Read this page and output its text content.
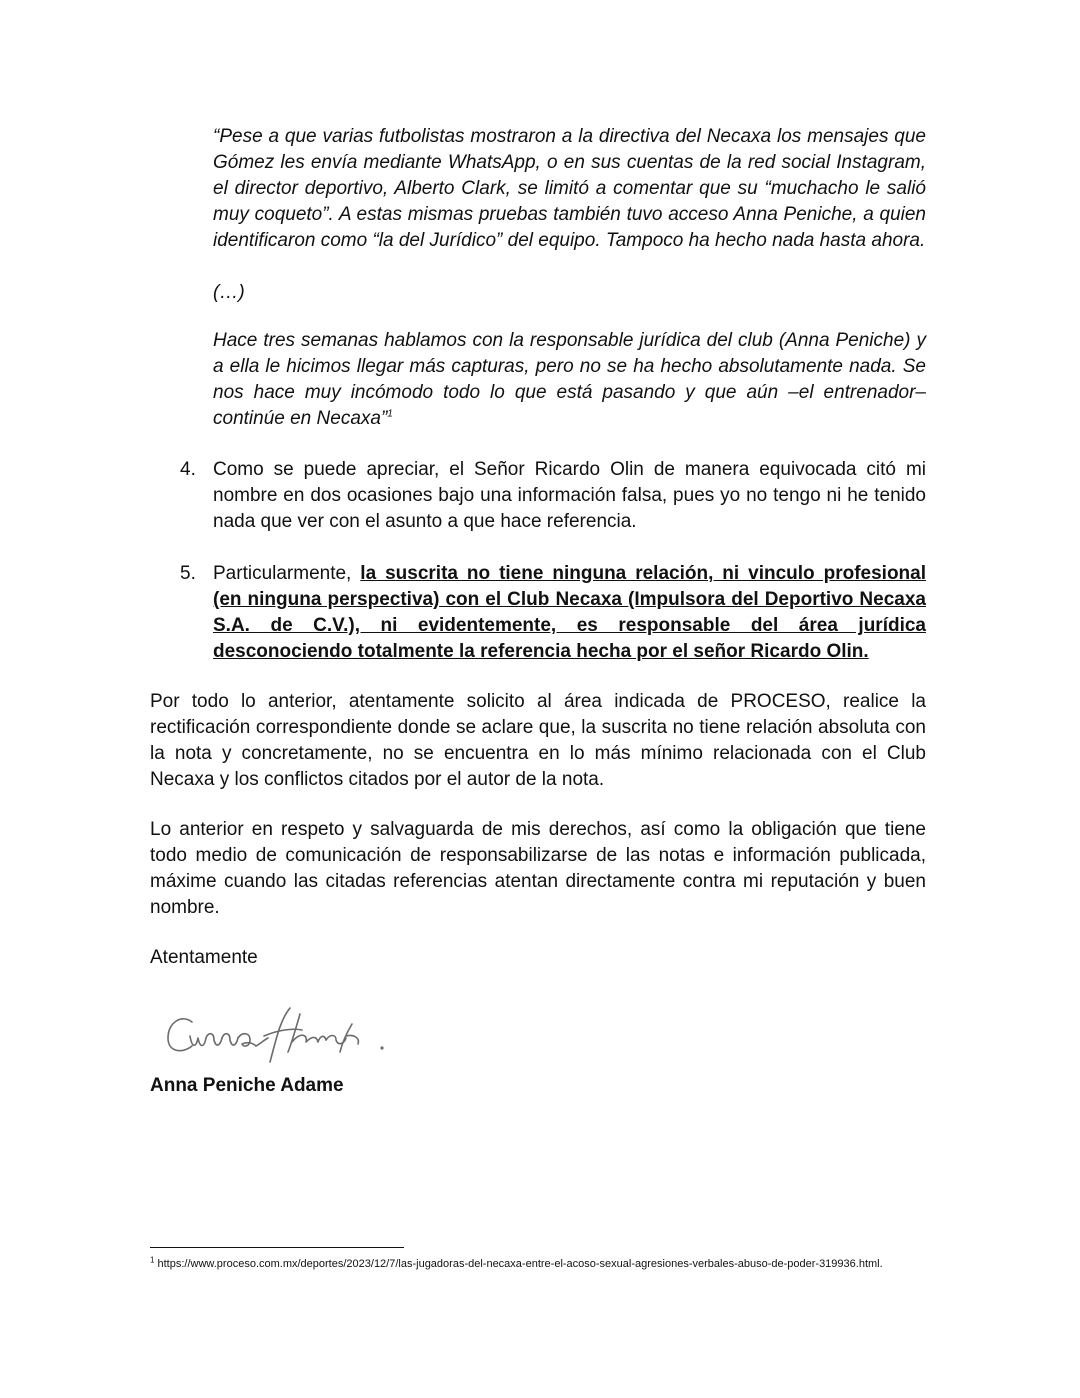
“Pese a que varias futbolistas mostraron a la directiva del Necaxa los mensajes que Gómez les envía mediante WhatsApp, o en sus cuentas de la red social Instagram, el director deportivo, Alberto Clark, se limitó a comentar que su “muchacho le salió muy coqueto”. A estas mismas pruebas también tuvo acceso Anna Peniche, a quien identificaron como “la del Jurídico” del equipo. Tampoco ha hecho nada hasta ahora.

(…)

Hace tres semanas hablamos con la responsable jurídica del club (Anna Peniche) y a ella le hicimos llegar más capturas, pero no se ha hecho absolutamente nada. Se nos hace muy incómodo todo lo que está pasando y que aún –el entrenador– continúe en Necaxa”$^1$

4. Como se puede apreciar, el Señor Ricardo Olin de manera equivocada citó mi nombre en dos ocasiones bajo una información falsa, pues yo no tengo ni he tenido nada que ver con el asunto a que hace referencia.
5. Particularmente, la suscrita no tiene ninguna relación, ni vinculo profesional (en ninguna perspectiva) con el Club Necaxa (Impulsora del Deportivo Necaxa S.A. de C.V.), ni evidentemente, es responsable del área jurídica desconociendo totalmente la referencia hecha por el señor Ricardo Olin.

Por todo lo anterior, atentamente solicito al área indicada de PROCESO, realice la rectificación correspondiente donde se aclare que, la suscrita no tiene relación absoluta con la nota y concretamente, no se encuentra en lo más mínimo relacionada con el Club Necaxa y los conflictos citados por el autor de la nota.

Lo anterior en respeto y salvaguarda de mis derechos, así como la obligación que tiene todo medio de comunicación de responsabilizarse de las notas e información publicada, máxime cuando las citadas referencias atentan directamente contra mi reputación y buen nombre.

Atentamente

Anna Peniche Adame

$^1$ https://www.proceso.com.mx/deportes/2023/12/7/las-jugadoras-del-necaxa-entre-el-acoso-sexual-agresiones-verbales-abuso-de-poder-319936.html.
